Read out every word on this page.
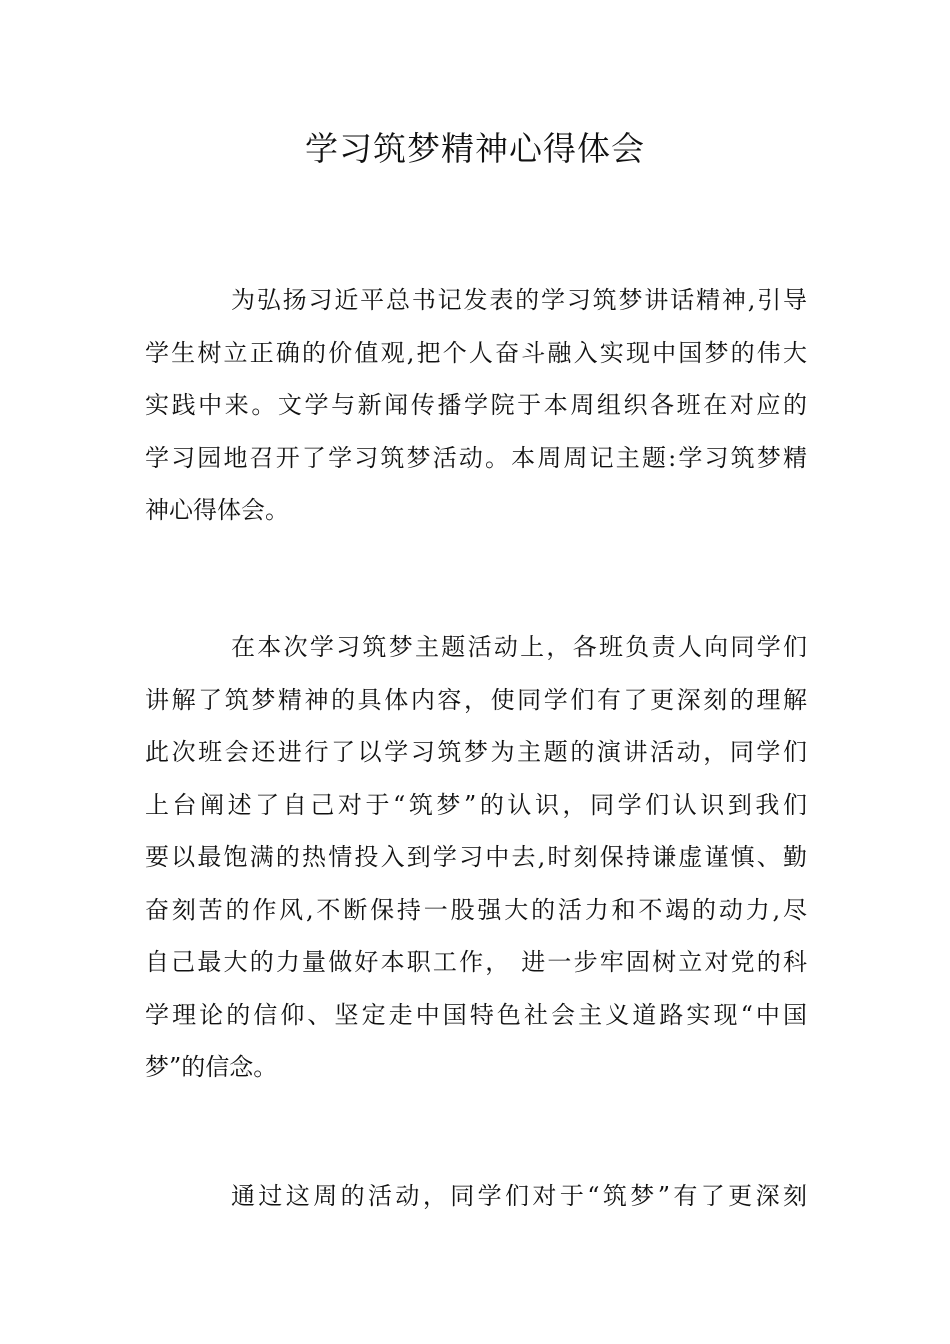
学习筑梦精神心得体会
为弘扬习近平总书记发表的学习筑梦讲话精神,引导
学生树立正确的价值观,把个人奋斗融入实现中国梦的伟大
实践中来。文学与新闻传播学院于本周组织各班在对应的
学习园地召开了学习筑梦活动。本周周记主题:学习筑梦精
神心得体会。
在本次学习筑梦主题活动上，各班负责人向同学们
讲解了筑梦精神的具体内容，使同学们有了更深刻的理解
此次班会还进行了以学习筑梦为主题的演讲活动，同学们
上台阐述了自己对于“筑梦”的认识，同学们认识到我们
要以最饱满的热情投入到学习中去,时刻保持谦虚谨慎、勤
奋刻苦的作风,不断保持一股强大的活力和不竭的动力,尽
自己最大的力量做好本职工作， 进一步牢固树立对党的科
学理论的信仰、坚定走中国特色社会主义道路实现“中国
梦”的信念。
通过这周的活动，同学们对于“筑梦”有了更深刻
